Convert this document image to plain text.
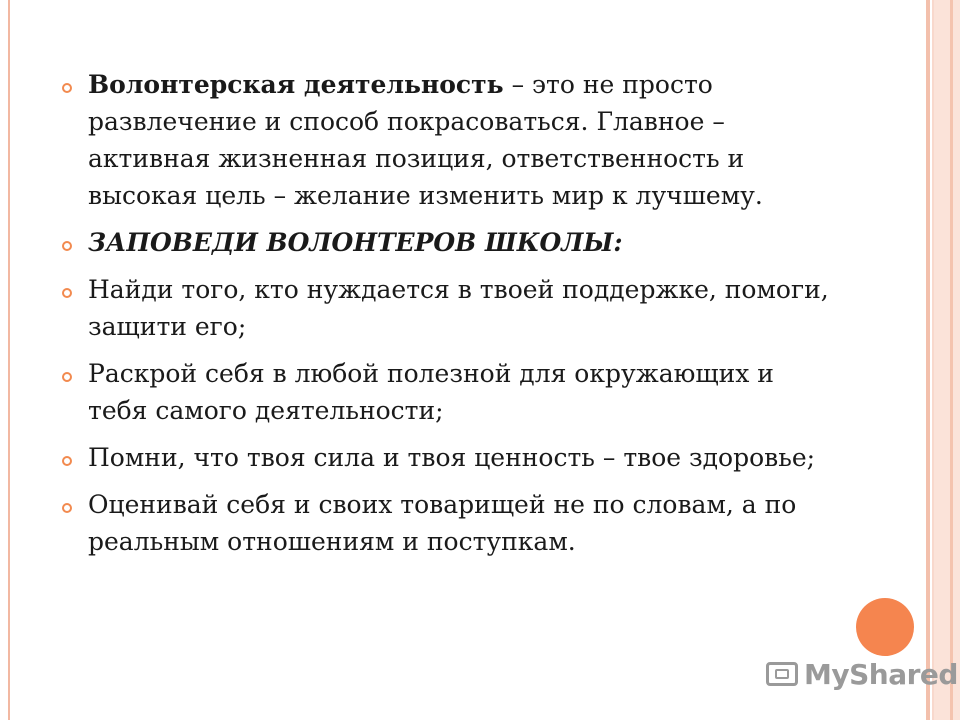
Волонтерская деятельность – это не просто развлечение и способ покрасоваться. Главное – активная жизненная позиция, ответственность и высокая цель – желание изменить мир к лучшему.
ЗАПОВЕДИ ВОЛОНТЕРОВ ШКОЛЫ:
Найди того, кто нуждается в твоей поддержке, помоги, защити его;
Раскрой себя в любой полезной для окружающих и тебя самого деятельности;
Помни, что твоя сила и твоя ценность – твое здоровье;
Оценивай себя и своих товарищей не по словам, а по реальным отношениям и поступкам.
MyShared
